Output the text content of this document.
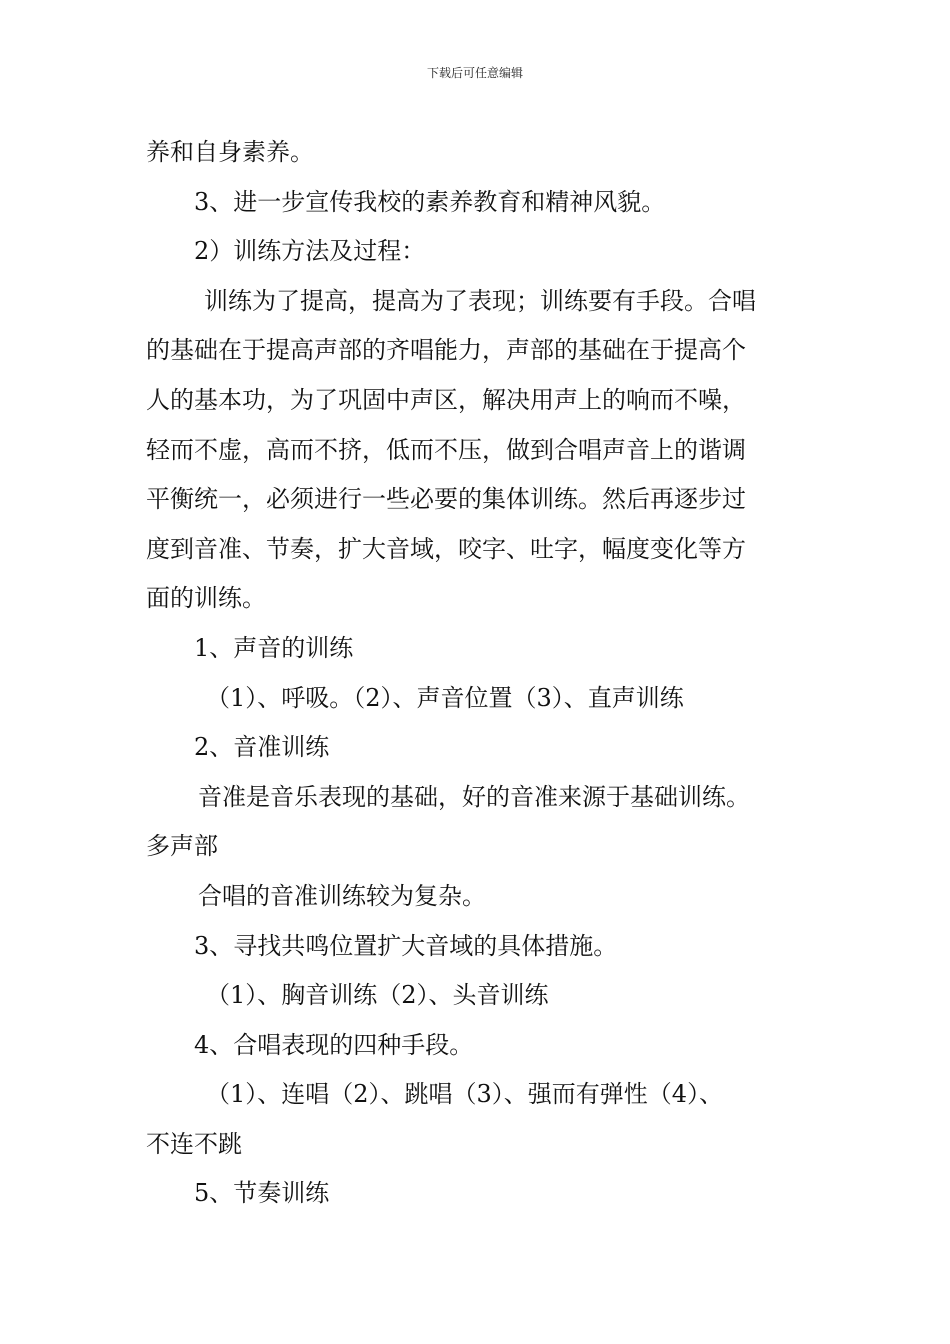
下载后可任意编辑
养和自身素养。
3、进一步宣传我校的素养教育和精神风貌。
2）训练方法及过程：
训练为了提高，提高为了表现；训练要有手段。合唱
的基础在于提高声部的齐唱能力，声部的基础在于提高个
人的基本功，为了巩固中声区，解决用声上的响而不噪，
轻而不虚，高而不挤，低而不压，做到合唱声音上的谐调
平衡统一，必须进行一些必要的集体训练。然后再逐步过
度到音准、节奏，扩大音域，咬字、吐字，幅度变化等方
面的训练。
1、声音的训练
（1）、呼吸。（2）、声音位置（3）、直声训练
2、音准训练
音准是音乐表现的基础，好的音准来源于基础训练。
多声部
合唱的音准训练较为复杂。
3、寻找共鸣位置扩大音域的具体措施。
（1）、胸音训练（2）、头音训练
4、合唱表现的四种手段。
（1）、连唱（2）、跳唱（3）、强而有弹性（4）、
不连不跳
5、节奏训练
